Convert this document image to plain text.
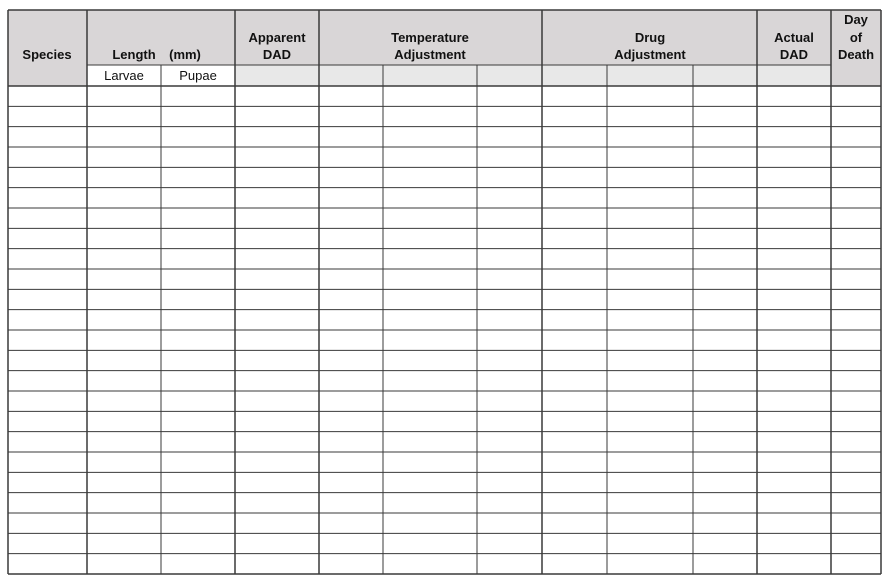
Species	Length (mm)
Apparent
DAD
Temperature
Adjustment
Drug
Adjustment
Actual
DAD
Day
of
Death
Larvae	Pupae
